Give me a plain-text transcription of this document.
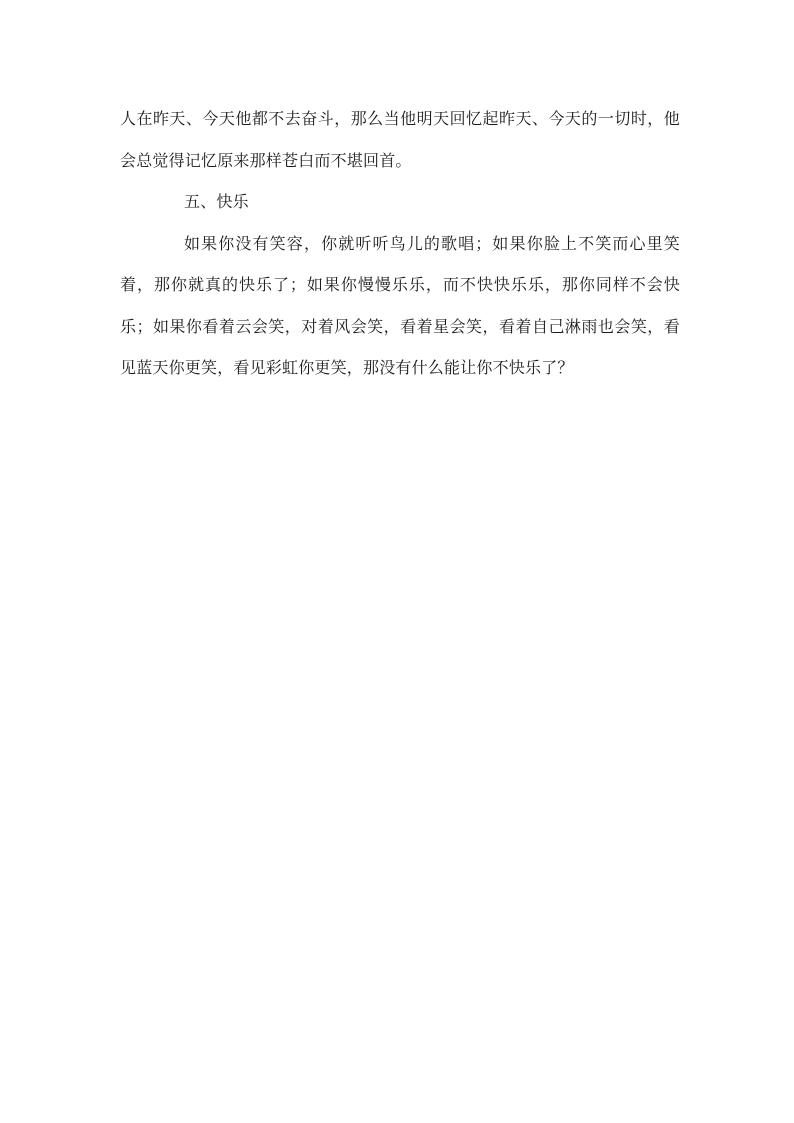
人在昨天、今天他都不去奋斗，那么当他明天回忆起昨天、今天的一切时，他会总觉得记忆原来那样苍白而不堪回首。

五、快乐

如果你没有笑容，你就听听鸟儿的歌唱；如果你脸上不笑而心里笑着，那你就真的快乐了；如果你慢慢乐乐，而不快快乐乐，那你同样不会快乐；如果你看着云会笑，对着风会笑，看着星会笑，看着自己淋雨也会笑，看见蓝天你更笑，看见彩虹你更笑，那没有什么能让你不快乐了？
